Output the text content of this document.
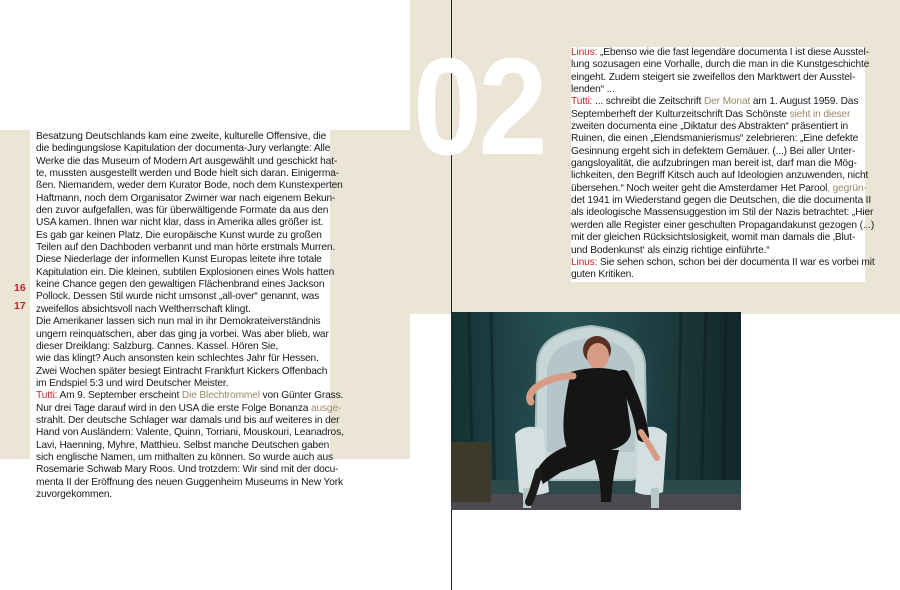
02
16
17

Besatzung Deutschlands kam eine zweite, kulturelle Offensive, die

die bedingungslose Kapitulation der documenta-Jury verlangte: Alle

Werke die das Museum of Modern Art ausgewählt und geschickt hat-

te, mussten ausgestellt werden und Bode hielt sich daran. Einigerma-

ßen. Niemandem, weder dem Kurator Bode, noch dem Kunstexperten

Haftmann, noch dem Organisator Zwirner war nach eigenem Bekun-

den zuvor aufgefallen, was für überwältigende Formate da aus den

USA kamen. Ihnen war nicht klar, dass in Amerika alles größer ist.

Es gab gar keinen Platz. Die europäische Kunst wurde zu großen

Teilen auf den Dachboden verbannt und man hörte erstmals Murren.

Diese Niederlage der informellen Kunst Europas leitete ihre totale

Kapitulation ein. Die kleinen, subtilen Explosionen eines Wols hatten

keine Chance gegen den gewaltigen Flächenbrand eines Jackson

Pollock. Dessen Stil wurde nicht umsonst „all-over“ genannt, was

zweifellos absichtsvoll nach Weltherrschaft klingt.

Die Amerikaner lassen sich nun mal in ihr Demokrateiverständnis

ungern reinquatschen, aber das ging ja vorbei. Was aber blieb, war

dieser Dreiklang: Salzburg. Cannes. Kassel. Hören Sie,

wie das klingt? Auch ansonsten kein schlechtes Jahr für Hessen.

Zwei Wochen später besiegt Eintracht Frankfurt Kickers Offenbach

im Endspiel 5:3 und wird Deutscher Meister.

Tutti: Am 9. September erscheint Die Blechtrommel von Günter Grass.

Nur drei Tage darauf wird in den USA die erste Folge Bonanza ausge-

strahlt. Der deutsche Schlager war damals und bis auf weiteres in der

Hand von Ausländern: Valente, Quinn, Torriani, Mouskouri, Leanadros,

Lavi, Haenning, Myhre, Matthieu. Selbst manche Deutschen gaben

sich englische Namen, um mithalten zu können. So wurde auch aus

Rosemarie Schwab Mary Roos. Und trotzdem: Wir sind mit der docu-

menta II der Eröffnung des neuen Guggenheim Museums in New York

zuvorgekommen.

Linus: „Ebenso wie die fast legendäre documenta I ist diese Ausstel-

lung sozusagen eine Vorhalle, durch die man in die Kunstgeschichte

eingeht. Zudem steigert sie zweifellos den Marktwert der Ausstel-

lenden“ ...

Tutti: ... schreibt die Zeitschrift Der Monat am 1. August 1959. Das

Septemberheft der Kulturzeitschrift Das Schönste sieht in dieser

zweiten documenta eine „Diktatur des Abstrakten“ präsentiert in

Ruinen, die einen „Elendsmanierismus“ zelebrieren: „Eine defekte

Gesinnung ergeht sich in defektem Gemäuer. (...) Bei aller Unter-

gangsloyalität, die aufzubringen man bereit ist, darf man die Mög-

lichkeiten, den Begriff Kitsch auch auf Ideologien anzuwenden, nicht

übersehen.“ Noch weiter geht die Amsterdamer Het Parool, gegrün-

det 1941 im Wiederstand gegen die Deutschen, die die documenta II

als ideologische Massensuggestion im Stil der Nazis betrachtet: „Hier

werden alle Register einer geschulten Propagandakunst gezogen (...)

mit der gleichen Rücksichtslosigkeit, womit man damals die ‚Blut-

und Bodenkunst‘ als einzig richtige einführte.“

Linus: Sie sehen schon, schon bei der documenta II war es vorbei mit

guten Kritiken.
